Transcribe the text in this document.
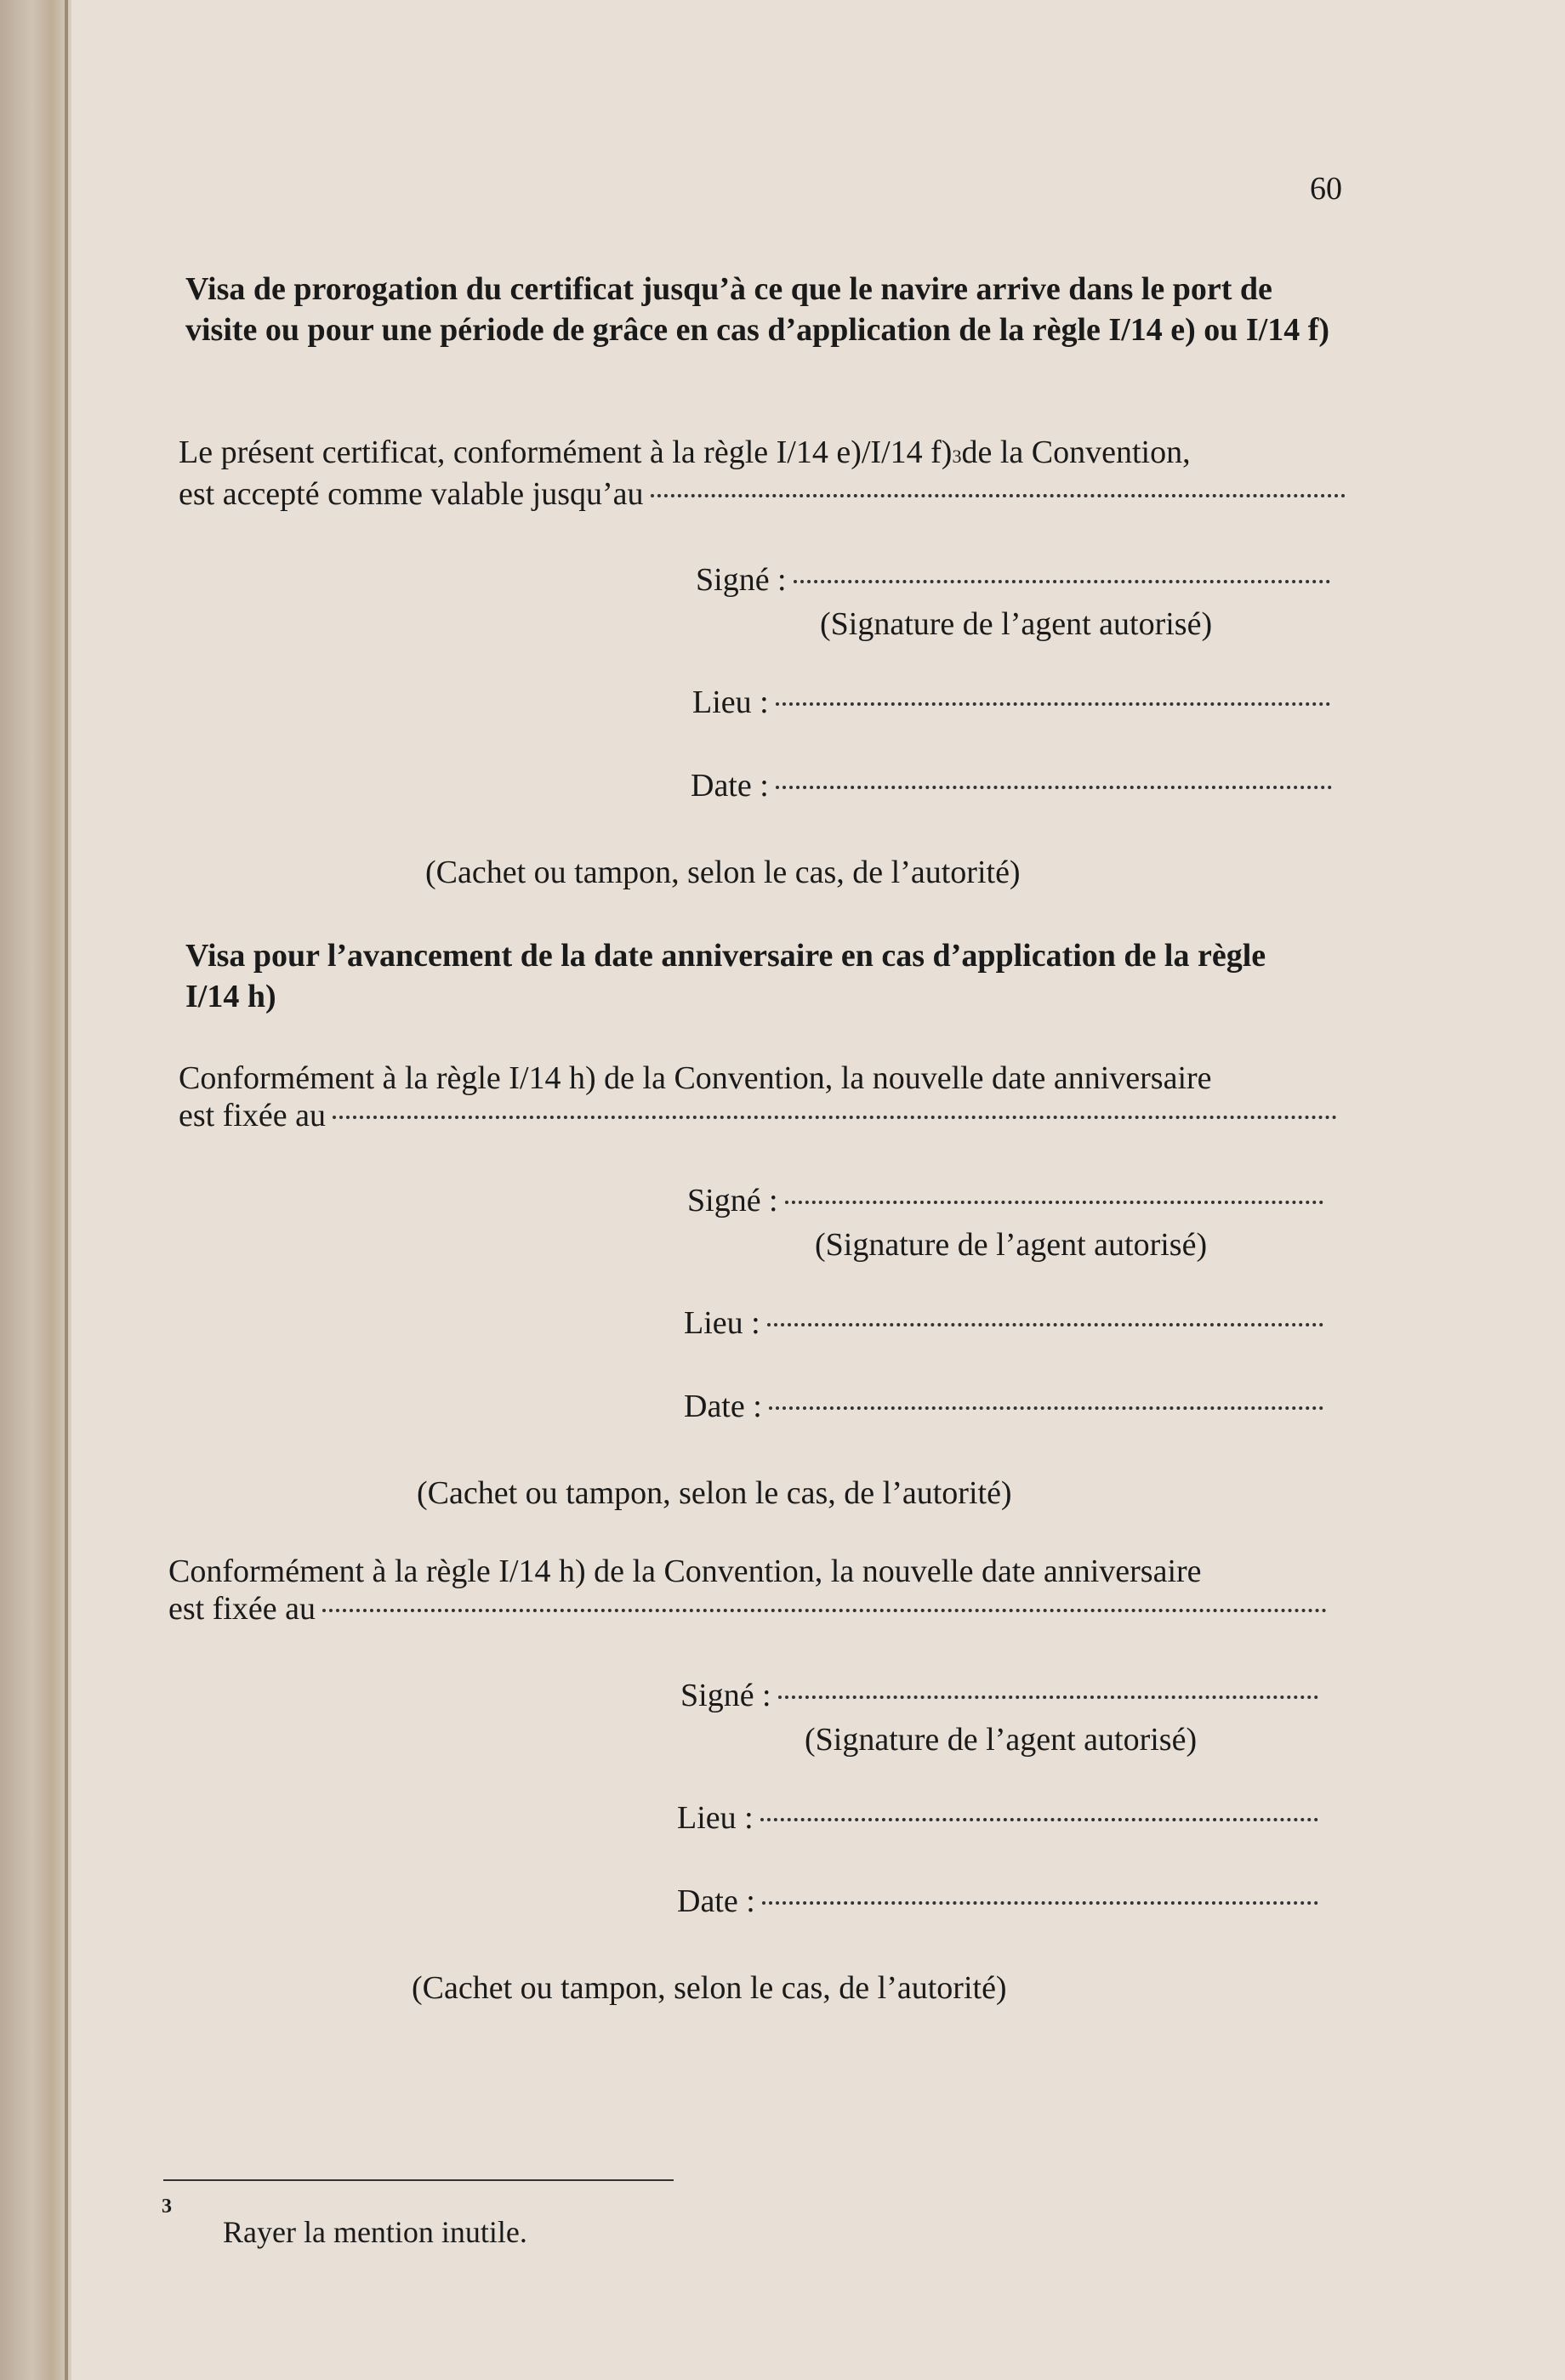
60
Visa de prorogation du certificat jusqu’à ce que le navire arrive dans le port de visite ou pour une période de grâce en cas d’application de la règle I/14 e) ou I/14 f)
Le présent certificat, conformément à la règle I/14 e)/I/14 f) 3 de la Convention,
est accepté comme valable jusqu’au
Signé :
(Signature de l’agent autorisé)
Lieu :
Date :
(Cachet ou tampon, selon le cas, de l’autorité)
Visa pour l’avancement de la date anniversaire en cas d’application de la règle I/14 h)
Conformément à la règle I/14 h) de la Convention, la nouvelle date anniversaire
est fixée au
Signé :
(Signature de l’agent autorisé)
Lieu :
Date :
(Cachet ou tampon, selon le cas, de l’autorité)
Conformément à la règle I/14 h) de la Convention, la nouvelle date anniversaire
est fixée au
Signé :
(Signature de l’agent autorisé)
Lieu :
Date :
(Cachet ou tampon, selon le cas, de l’autorité)
3
Rayer la mention inutile.
